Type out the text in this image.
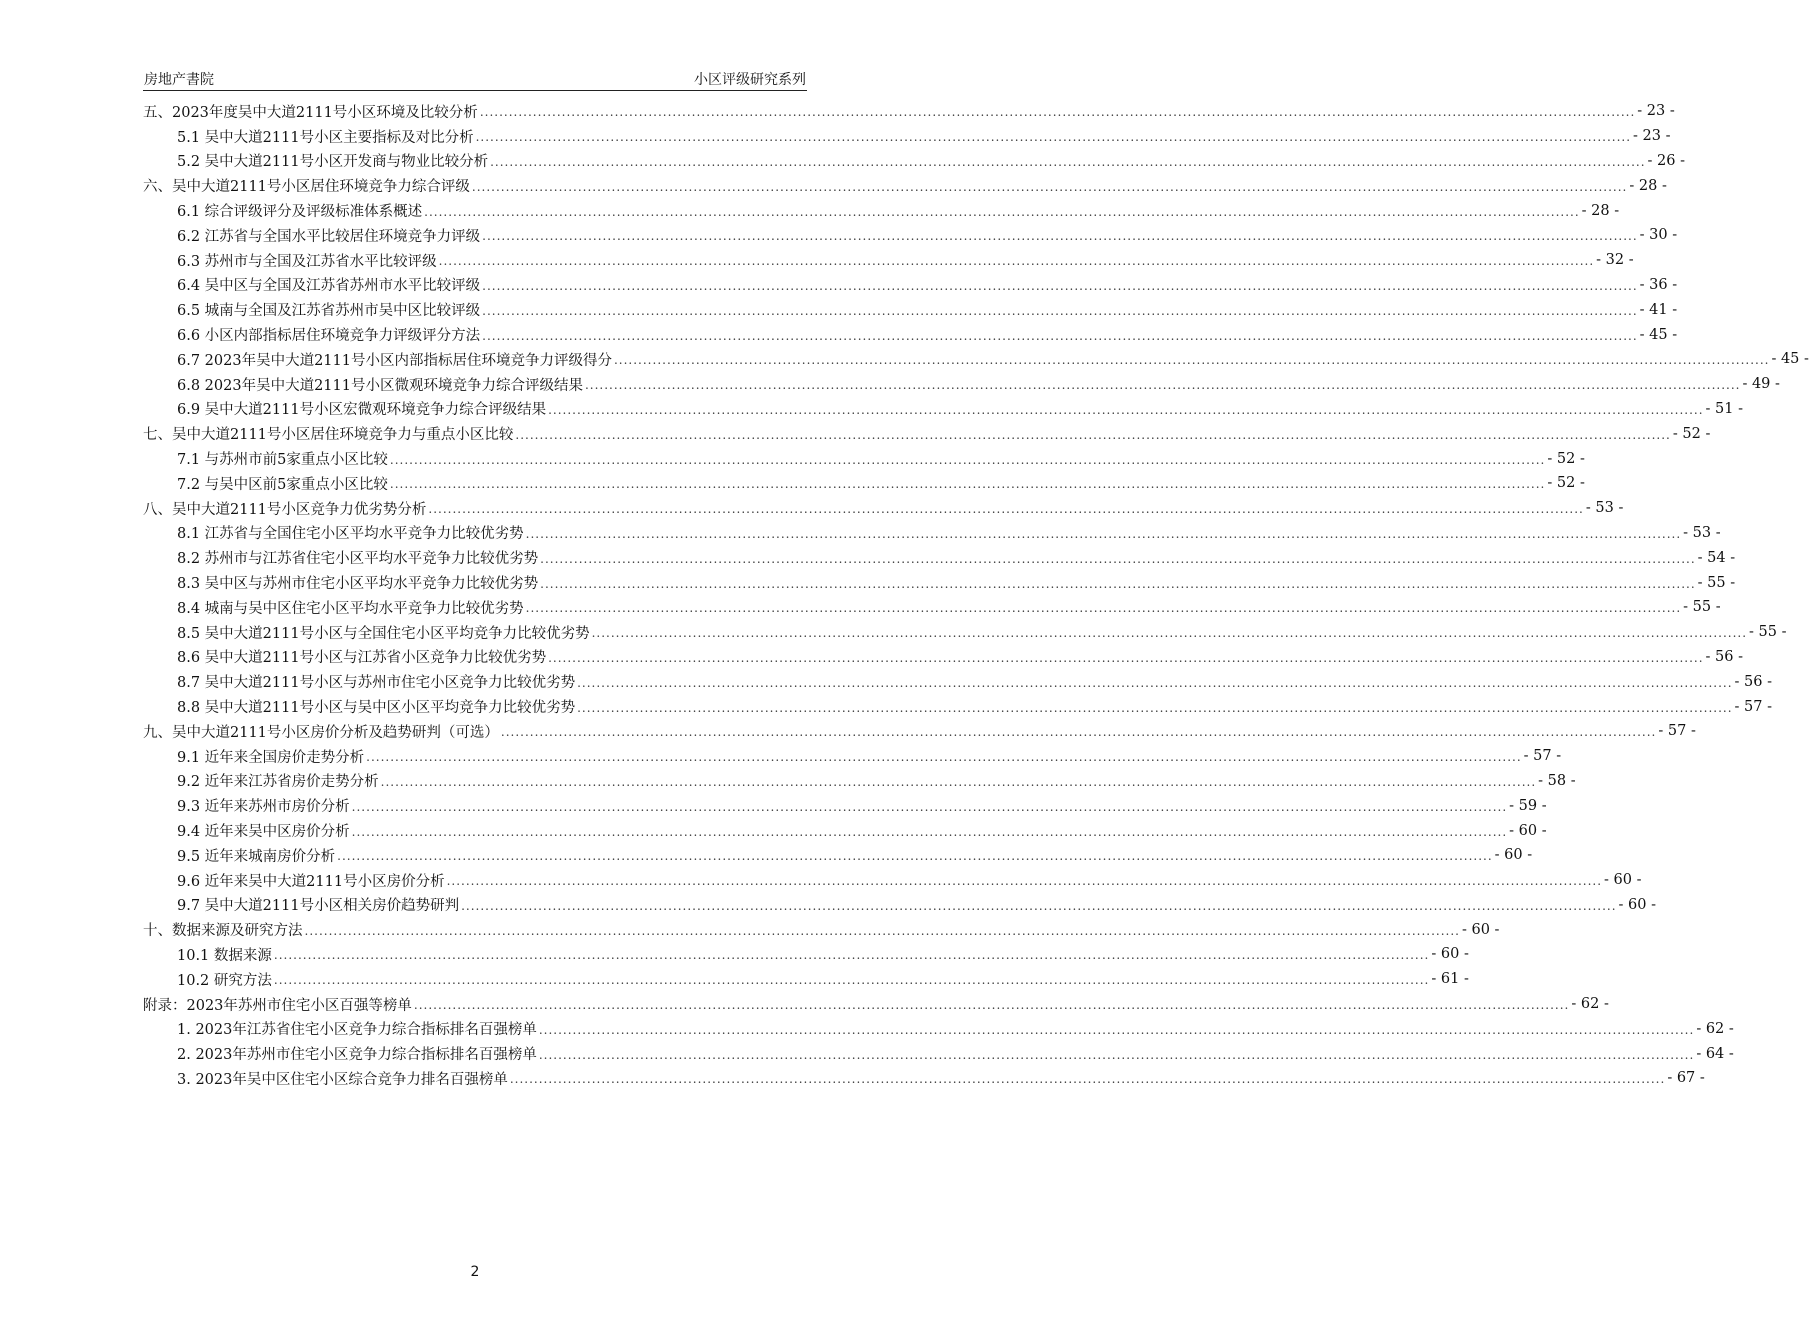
房地产書院	小区评级研究系列
五、2023年度吴中大道2111号小区环境及比较分析 ................................................................................................................................................................................................................................................ - 23 -
5.1 吴中大道2111号小区主要指标及对比分析 ................................................................................................................................................................................................................................................ - 23 -
5.2 吴中大道2111号小区开发商与物业比较分析 ................................................................................................................................................................................................................................................ - 26 -
六、吴中大道2111号小区居住环境竞争力综合评级 ................................................................................................................................................................................................................................................ - 28 -
6.1 综合评级评分及评级标准体系概述 ................................................................................................................................................................................................................................................ - 28 -
6.2 江苏省与全国水平比较居住环境竞争力评级 ................................................................................................................................................................................................................................................ - 30 -
6.3 苏州市与全国及江苏省水平比较评级 ................................................................................................................................................................................................................................................ - 32 -
6.4 吴中区与全国及江苏省苏州市水平比较评级 ................................................................................................................................................................................................................................................ - 36 -
6.5 城南与全国及江苏省苏州市吴中区比较评级 ................................................................................................................................................................................................................................................ - 41 -
6.6 小区内部指标居住环境竞争力评级评分方法 ................................................................................................................................................................................................................................................ - 45 -
6.7 2023年吴中大道2111号小区内部指标居住环境竞争力评级得分 ................................................................................................................................................................................................................................................ - 45 -
6.8 2023年吴中大道2111号小区微观环境竞争力综合评级结果 ................................................................................................................................................................................................................................................ - 49 -
6.9 吴中大道2111号小区宏微观环境竞争力综合评级结果 ................................................................................................................................................................................................................................................ - 51 -
七、吴中大道2111号小区居住环境竞争力与重点小区比较 ................................................................................................................................................................................................................................................ - 52 -
7.1 与苏州市前5家重点小区比较 ................................................................................................................................................................................................................................................ - 52 -
7.2 与吴中区前5家重点小区比较 ................................................................................................................................................................................................................................................ - 52 -
八、吴中大道2111号小区竞争力优劣势分析 ................................................................................................................................................................................................................................................ - 53 -
8.1 江苏省与全国住宅小区平均水平竞争力比较优劣势 ................................................................................................................................................................................................................................................ - 53 -
8.2 苏州市与江苏省住宅小区平均水平竞争力比较优劣势 ................................................................................................................................................................................................................................................ - 54 -
8.3 吴中区与苏州市住宅小区平均水平竞争力比较优劣势 ................................................................................................................................................................................................................................................ - 55 -
8.4 城南与吴中区住宅小区平均水平竞争力比较优劣势 ................................................................................................................................................................................................................................................ - 55 -
8.5 吴中大道2111号小区与全国住宅小区平均竞争力比较优劣势 ................................................................................................................................................................................................................................................ - 55 -
8.6 吴中大道2111号小区与江苏省小区竞争力比较优劣势 ................................................................................................................................................................................................................................................ - 56 -
8.7 吴中大道2111号小区与苏州市住宅小区竞争力比较优劣势 ................................................................................................................................................................................................................................................ - 56 -
8.8 吴中大道2111号小区与吴中区小区平均竞争力比较优劣势 ................................................................................................................................................................................................................................................ - 57 -
九、吴中大道2111号小区房价分析及趋势研判（可选） ................................................................................................................................................................................................................................................ - 57 -
9.1 近年来全国房价走势分析 ................................................................................................................................................................................................................................................ - 57 -
9.2 近年来江苏省房价走势分析 ................................................................................................................................................................................................................................................ - 58 -
9.3 近年来苏州市房价分析 ................................................................................................................................................................................................................................................ - 59 -
9.4 近年来吴中区房价分析 ................................................................................................................................................................................................................................................ - 60 -
9.5 近年来城南房价分析 ................................................................................................................................................................................................................................................ - 60 -
9.6 近年来吴中大道2111号小区房价分析 ................................................................................................................................................................................................................................................ - 60 -
9.7 吴中大道2111号小区相关房价趋势研判 ................................................................................................................................................................................................................................................ - 60 -
十、数据来源及研究方法 ................................................................................................................................................................................................................................................ - 60 -
10.1 数据来源 ................................................................................................................................................................................................................................................ - 60 -
10.2 研究方法 ................................................................................................................................................................................................................................................ - 61 -
附录：2023年苏州市住宅小区百强等榜单 ................................................................................................................................................................................................................................................ - 62 -
1. 2023年江苏省住宅小区竞争力综合指标排名百强榜单 ................................................................................................................................................................................................................................................ - 62 -
2. 2023年苏州市住宅小区竞争力综合指标排名百强榜单 ................................................................................................................................................................................................................................................ - 64 -
3. 2023年吴中区住宅小区综合竞争力排名百强榜单 ................................................................................................................................................................................................................................................ - 67 -
2
